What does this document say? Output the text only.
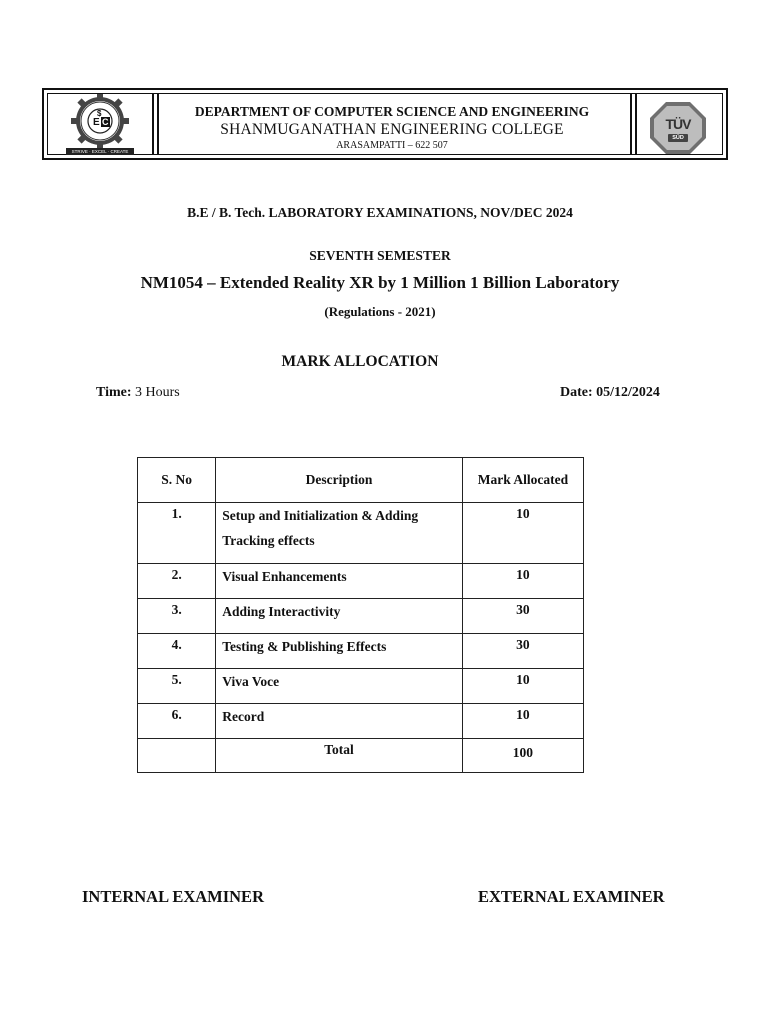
E C
$
STRIVE · EXCEL · CREATE
DEPARTMENT OF COMPUTER SCIENCE AND ENGINEERING
SHANMUGANATHAN ENGINEERING COLLEGE
ARASAMPATTI – 622 507
TÜV
SÜD
B.E / B. Tech. LABORATORY EXAMINATIONS, NOV/DEC 2024
SEVENTH SEMESTER
NM1054 – Extended Reality XR by 1 Million 1 Billion Laboratory
(Regulations - 2021)
MARK ALLOCATION
Time: 3 Hours	Date: 05/12/2024
S. No	Description	Mark Allocated

1.	Setup and Initialization & Adding
Tracking effects	10

2.	Visual Enhancements	10

3.	Adding Interactivity	30

4.	Testing & Publishing Effects	30

5.	Viva Voce	10

6.	Record	10

	Total	100
INTERNAL EXAMINER	EXTERNAL EXAMINER
